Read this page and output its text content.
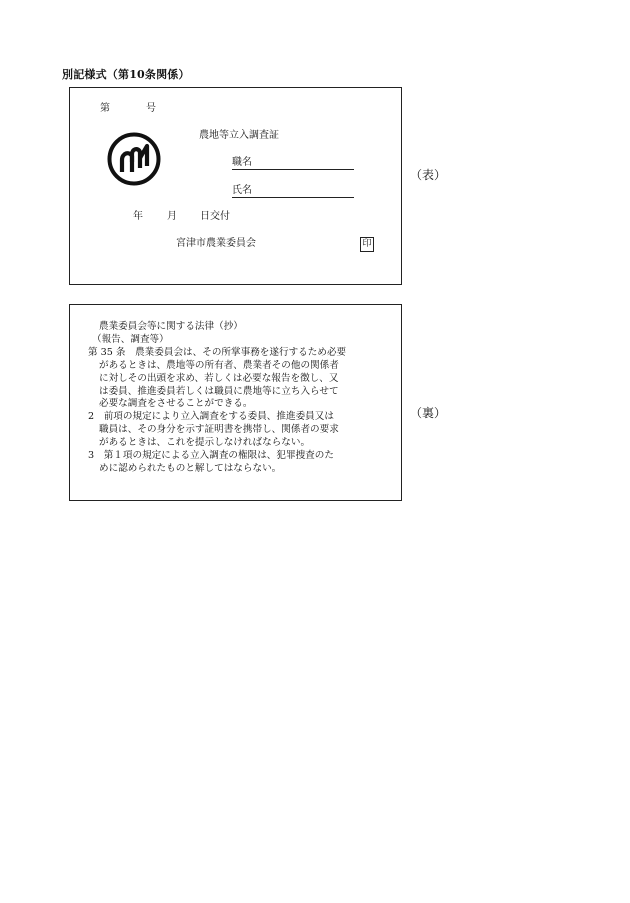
別記様式（第10条関係）
第	号
農地等立入調査証
職名
氏名
年 月 日交付
宮津市農業委員会	印
（表）
農業委員会等に関する法律（抄）
（報告、調査等）
第 35 条　農業委員会は、その所掌事務を遂行するため必要
があるときは、農地等の所有者、農業者その他の関係者
に対しその出頭を求め、若しくは必要な報告を徴し、又
は委員、推進委員若しくは職員に農地等に立ち入らせて
必要な調査をさせることができる。
2　前項の規定により立入調査をする委員、推進委員又は
職員は、その身分を示す証明書を携帯し、関係者の要求
があるときは、これを提示しなければならない。
3　第１項の規定による立入調査の権限は、犯罪捜査のた
めに認められたものと解してはならない。
（裏）
